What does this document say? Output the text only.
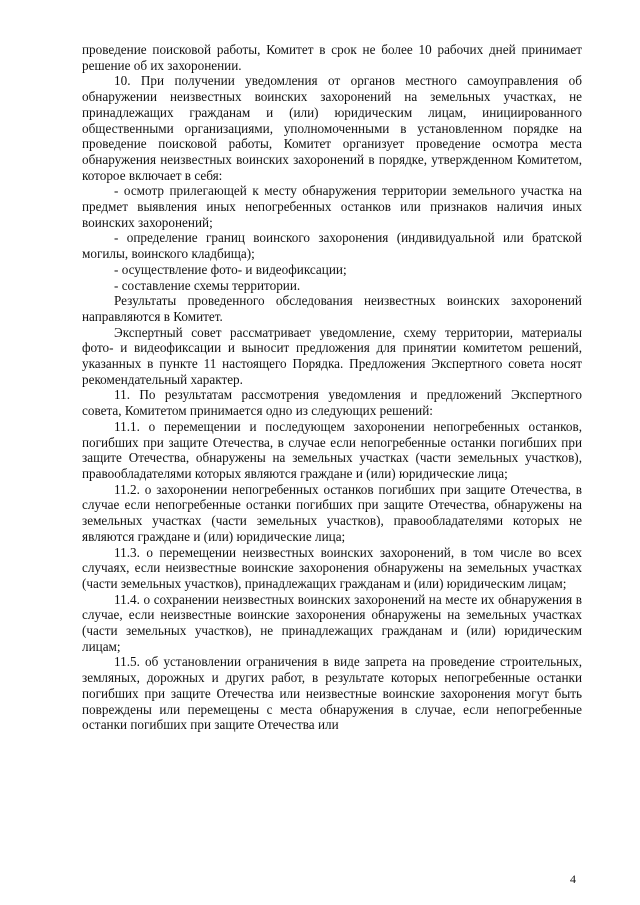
проведение поисковой работы, Комитет в срок не более 10 рабочих дней принимает решение об их захоронении.

10. При получении уведомления от органов местного самоуправления об обнаружении неизвестных воинских захоронений на земельных участках, не принадлежащих гражданам и (или) юридическим лицам, инициированного общественными организациями, уполномоченными в установленном порядке на проведение поисковой работы, Комитет организует проведение осмотра места обнаружения неизвестных воинских захоронений в порядке, утвержденном Комитетом, которое включает в себя:

- осмотр прилегающей к месту обнаружения территории земельного участка на предмет выявления иных непогребенных останков или признаков наличия иных воинских захоронений;

- определение границ воинского захоронения (индивидуальной или братской могилы, воинского кладбища);

- осуществление фото- и видеофиксации;

- составление схемы территории.

Результаты проведенного обследования неизвестных воинских захоронений направляются в Комитет.

Экспертный совет рассматривает уведомление, схему территории, материалы фото- и видеофиксации и выносит предложения для принятии комитетом решений, указанных в пункте 11 настоящего Порядка. Предложения Экспертного совета носят рекомендательный характер.

11. По результатам рассмотрения уведомления и предложений Экспертного совета, Комитетом принимается одно из следующих решений:

11.1. о перемещении и последующем захоронении непогребенных останков, погибших при защите Отечества, в случае если непогребенные останки погибших при защите Отечества, обнаружены на земельных участках (части земельных участков), правообладателями которых являются граждане и (или) юридические лица;

11.2. о захоронении непогребенных останков погибших при защите Отечества, в случае если непогребенные останки погибших при защите Отечества, обнаружены на земельных участках (части земельных участков), правообладателями которых не являются граждане и (или) юридические лица;

11.3. о перемещении неизвестных воинских захоронений, в том числе во всех случаях, если неизвестные воинские захоронения обнаружены на земельных участках (части земельных участков), принадлежащих гражданам и (или) юридическим лицам;

11.4. о сохранении неизвестных воинских захоронений на месте их обнаружения в случае, если неизвестные воинские захоронения обнаружены на земельных участках (части земельных участков), не принадлежащих гражданам и (или) юридическим лицам;

11.5. об установлении ограничения в виде запрета на проведение строительных, земляных, дорожных и других работ, в результате которых непогребенные останки погибших при защите Отечества или неизвестные воинские захоронения могут быть повреждены или перемещены с места обнаружения в случае, если непогребенные останки погибших при защите Отечества или

4
